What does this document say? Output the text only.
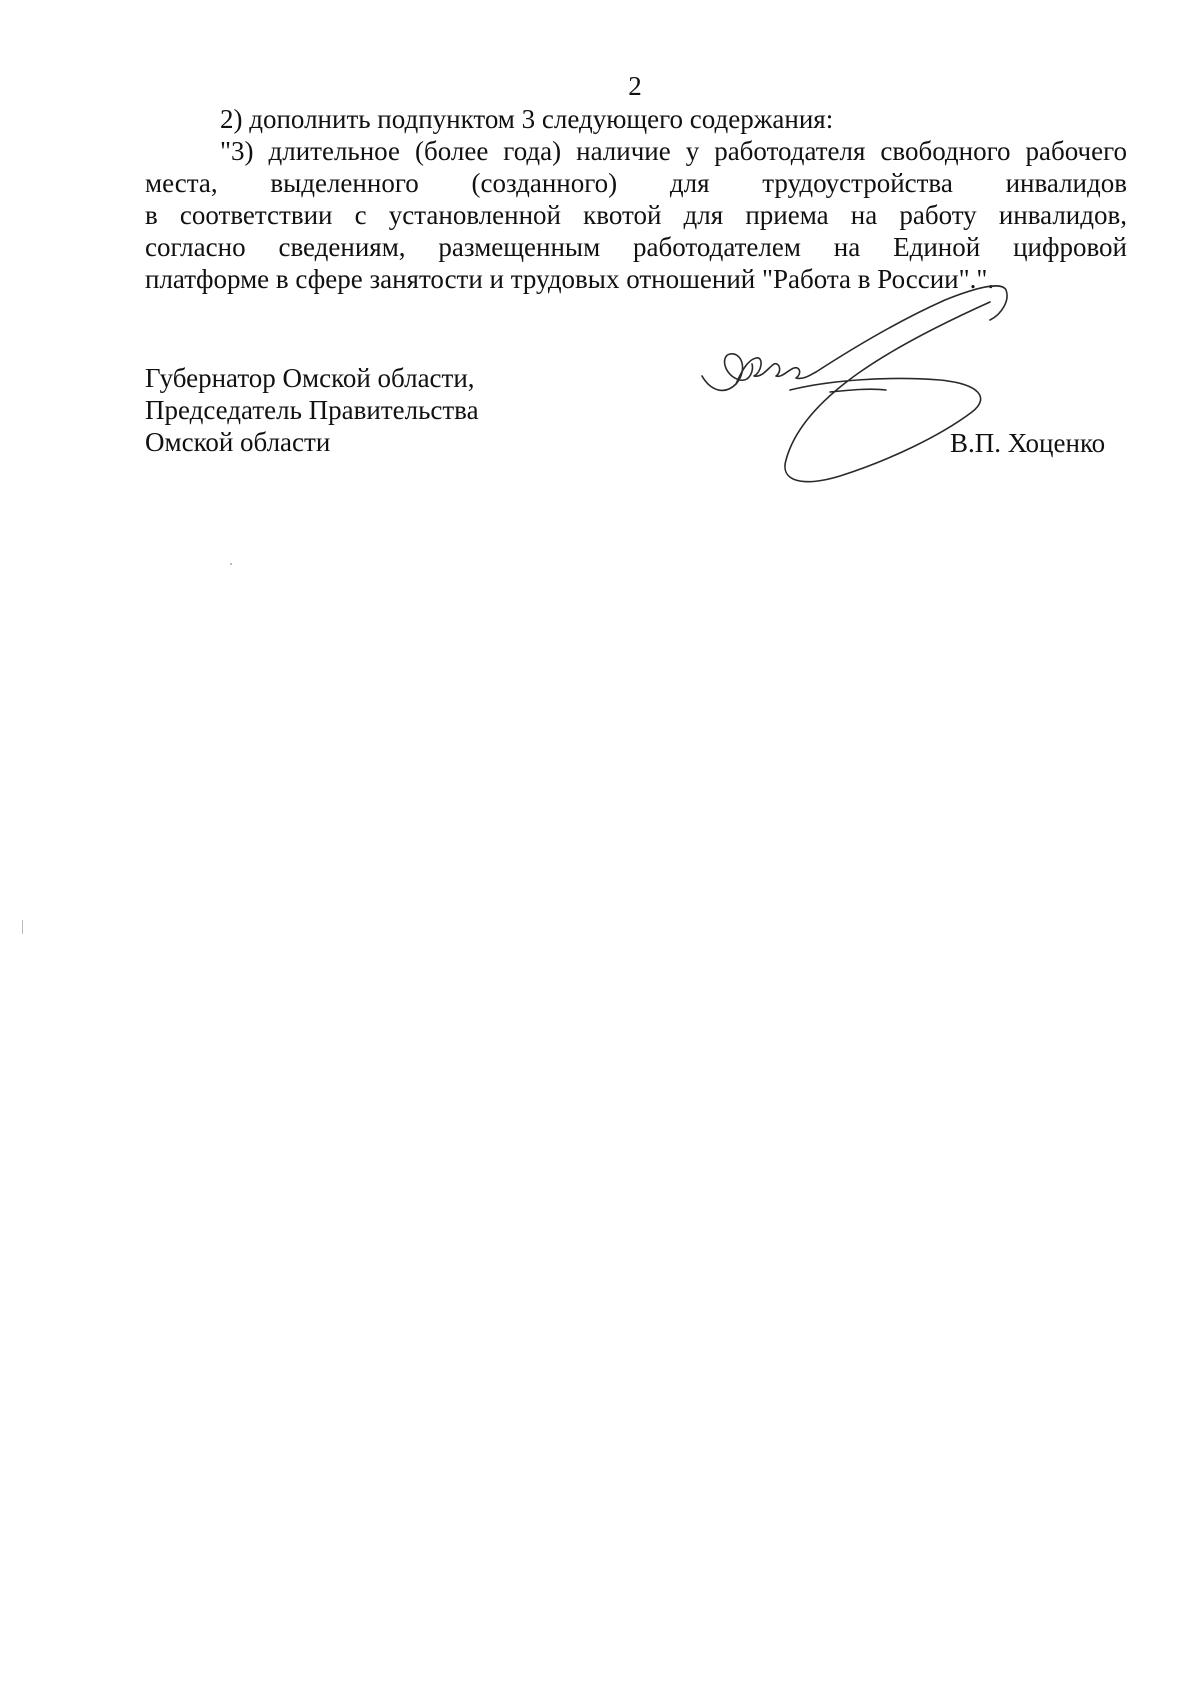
2

2) дополнить подпунктом 3 следующего содержания:

"3) длительное (более года) наличие у работодателя свободного рабочего
места, выделенного (созданного) для трудоустройства инвалидов
в соответствии с установленной квотой для приема на работу инвалидов,
согласно сведениям, размещенным работодателем на Единой цифровой
платформе в сфере занятости и трудовых отношений "Работа в России".".

Губернатор Омской области,
Председатель Правительства
Омской области	В.П. Хоценко
